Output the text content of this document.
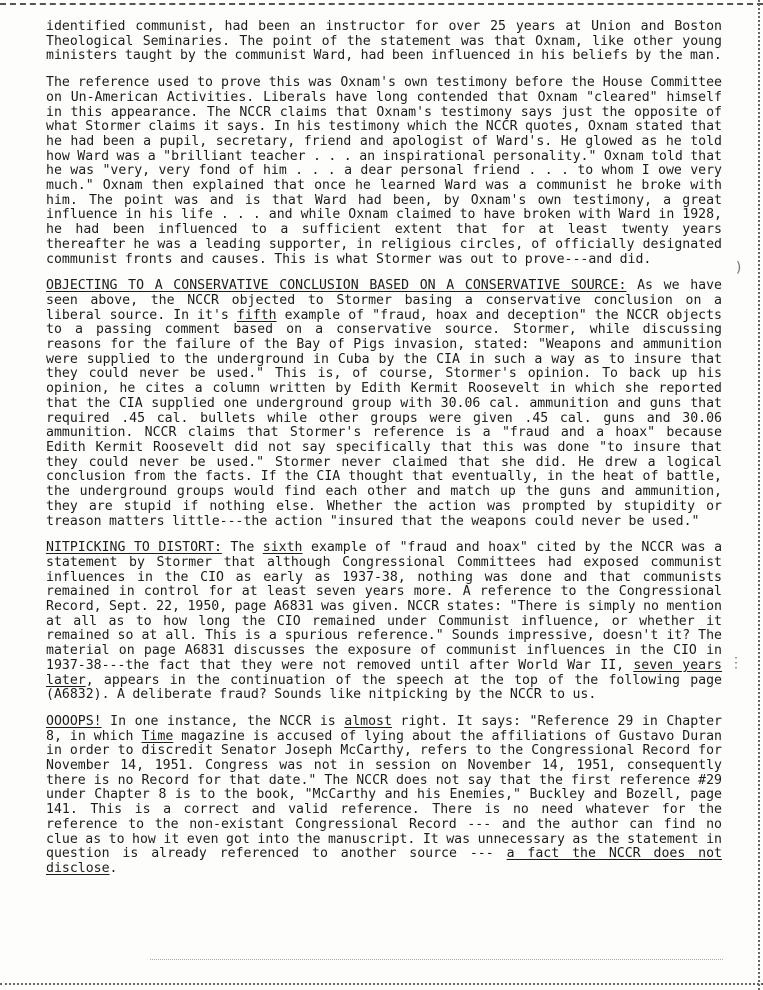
)
⋮

identified communist, had been an instructor for over 25 years at Union and Boston Theological Seminaries. The point of the statement was that Oxnam, like other young ministers taught by the communist Ward, had been influenced in his beliefs by the man.

The reference used to prove this was Oxnam's own testimony before the House Committee on Un-American Activities. Liberals have long contended that Oxnam "cleared" himself in this appearance. The NCCR claims that Oxnam's testimony says just the opposite of what Stormer claims it says. In his testimony which the NCCR quotes, Oxnam stated that he had been a pupil, secretary, friend and apologist of Ward's. He glowed as he told how Ward was a "brilliant teacher . . . an inspirational personality." Oxnam told that he was "very, very fond of him . . . a dear personal friend . . . to whom I owe very much." Oxnam then explained that once he learned Ward was a communist he broke with him. The point was and is that Ward had been, by Oxnam's own testimony, a great influence in his life . . . and while Oxnam claimed to have broken with Ward in 1928, he had been influenced to a sufficient extent that for at least twenty years thereafter he was a leading supporter, in religious circles, of officially designated communist fronts and causes. This is what Stormer was out to prove---and did.

OBJECTING TO A CONSERVATIVE CONCLUSION BASED ON A CONSERVATIVE SOURCE: As we have seen above, the NCCR objected to Stormer basing a conservative conclusion on a liberal source. In it's fifth example of "fraud, hoax and deception" the NCCR objects to a passing comment based on a conservative source. Stormer, while discussing reasons for the failure of the Bay of Pigs invasion, stated: "Weapons and ammunition were supplied to the underground in Cuba by the CIA in such a way as to insure that they could never be used." This is, of course, Stormer's opinion. To back up his opinion, he cites a column written by Edith Kermit Roosevelt in which she reported that the CIA supplied one underground group with 30.06 cal. ammunition and guns that required .45 cal. bullets while other groups were given .45 cal. guns and 30.06 ammunition. NCCR claims that Stormer's reference is a "fraud and a hoax" because Edith Kermit Roosevelt did not say specifically that this was done "to insure that they could never be used." Stormer never claimed that she did. He drew a logical conclusion from the facts. If the CIA thought that eventually, in the heat of battle, the underground groups would find each other and match up the guns and ammunition, they are stupid if nothing else. Whether the action was prompted by stupidity or treason matters little---the action "insured that the weapons could never be used."

NITPICKING TO DISTORT: The sixth example of "fraud and hoax" cited by the NCCR was a statement by Stormer that although Congressional Committees had exposed communist influences in the CIO as early as 1937-38, nothing was done and that communists remained in control for at least seven years more. A reference to the Congressional Record, Sept. 22, 1950, page A6831 was given. NCCR states: "There is simply no mention at all as to how long the CIO remained under Communist influence, or whether it remained so at all. This is a spurious reference." Sounds impressive, doesn't it? The material on page A6831 discusses the exposure of communist influences in the CIO in 1937-38---the fact that they were not removed until after World War II, seven years later, appears in the continuation of the speech at the top of the following page (A6832). A deliberate fraud? Sounds like nitpicking by the NCCR to us.

OOOOPS! In one instance, the NCCR is almost right. It says: "Reference 29 in Chapter 8, in which Time magazine is accused of lying about the affiliations of Gustavo Duran in order to discredit Senator Joseph McCarthy, refers to the Congressional Record for November 14, 1951. Congress was not in session on November 14, 1951, consequently there is no Record for that date." The NCCR does not say that the first reference #29 under Chapter 8 is to the book, "McCarthy and his Enemies," Buckley and Bozell, page 141. This is a correct and valid reference. There is no need whatever for the reference to the non-existant Congressional Record --- and the author can find no clue as to how it even got into the manuscript. It was unnecessary as the statement in question is already referenced to another source --- a fact the NCCR does not disclose.
